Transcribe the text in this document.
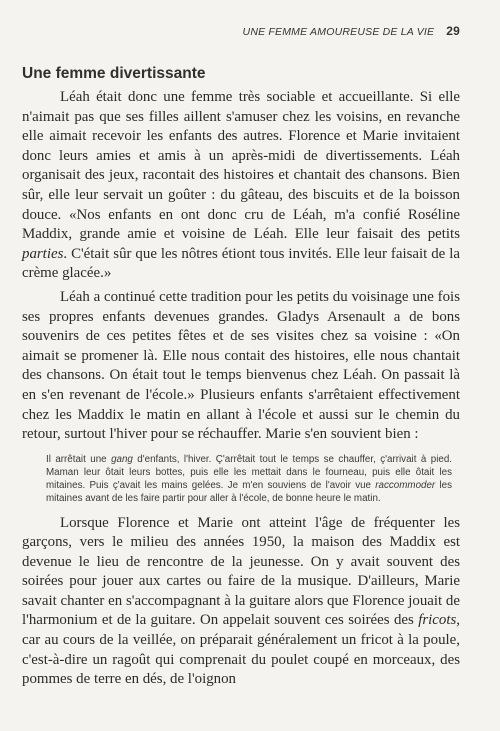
UNE FEMME AMOUREUSE DE LA VIE 29
Une femme divertissante

Léah était donc une femme très sociable et accueillante. Si elle n'aimait pas que ses filles aillent s'amuser chez les voisins, en revanche elle aimait recevoir les enfants des autres. Florence et Marie invitaient donc leurs amies et amis à un après-midi de divertissements. Léah organisait des jeux, racontait des histoires et chantait des chansons. Bien sûr, elle leur servait un goûter : du gâteau, des biscuits et de la boisson douce. «Nos enfants en ont donc cru de Léah, m'a confié Roséline Maddix, grande amie et voisine de Léah. Elle leur faisait des petits parties. C'était sûr que les nôtres étiont tous invités. Elle leur faisait de la crème glacée.»

Léah a continué cette tradition pour les petits du voisinage une fois ses propres enfants devenues grandes. Gladys Arsenault a de bons souvenirs de ces petites fêtes et de ses visites chez sa voisine : «On aimait se promener là. Elle nous contait des histoires, elle nous chantait des chansons. On était tout le temps bienvenus chez Léah. On passait là en s'en revenant de l'école.» Plusieurs enfants s'arrêtaient effectivement chez les Maddix le matin en allant à l'école et aussi sur le chemin du retour, surtout l'hiver pour se réchauffer. Marie s'en souvient bien :

Il arrêtait une gang d'enfants, l'hiver. Ç'arrêtait tout le temps se chauffer, ç'arrivait à pied. Maman leur ôtait leurs bottes, puis elle les mettait dans le fourneau, puis elle ôtait les mitaines. Puis ç'avait les mains gelées. Je m'en souviens de l'avoir vue raccommoder les mitaines avant de les faire partir pour aller à l'école, de bonne heure le matin.

Lorsque Florence et Marie ont atteint l'âge de fréquenter les garçons, vers le milieu des années 1950, la maison des Maddix est devenue le lieu de rencontre de la jeunesse. On y avait souvent des soirées pour jouer aux cartes ou faire de la musique. D'ailleurs, Marie savait chanter en s'accompagnant à la guitare alors que Florence jouait de l'harmonium et de la guitare. On appelait souvent ces soirées des fricots, car au cours de la veillée, on préparait généralement un fricot à la poule, c'est-à-dire un ragoût qui comprenait du poulet coupé en morceaux, des pommes de terre en dés, de l'oignon
